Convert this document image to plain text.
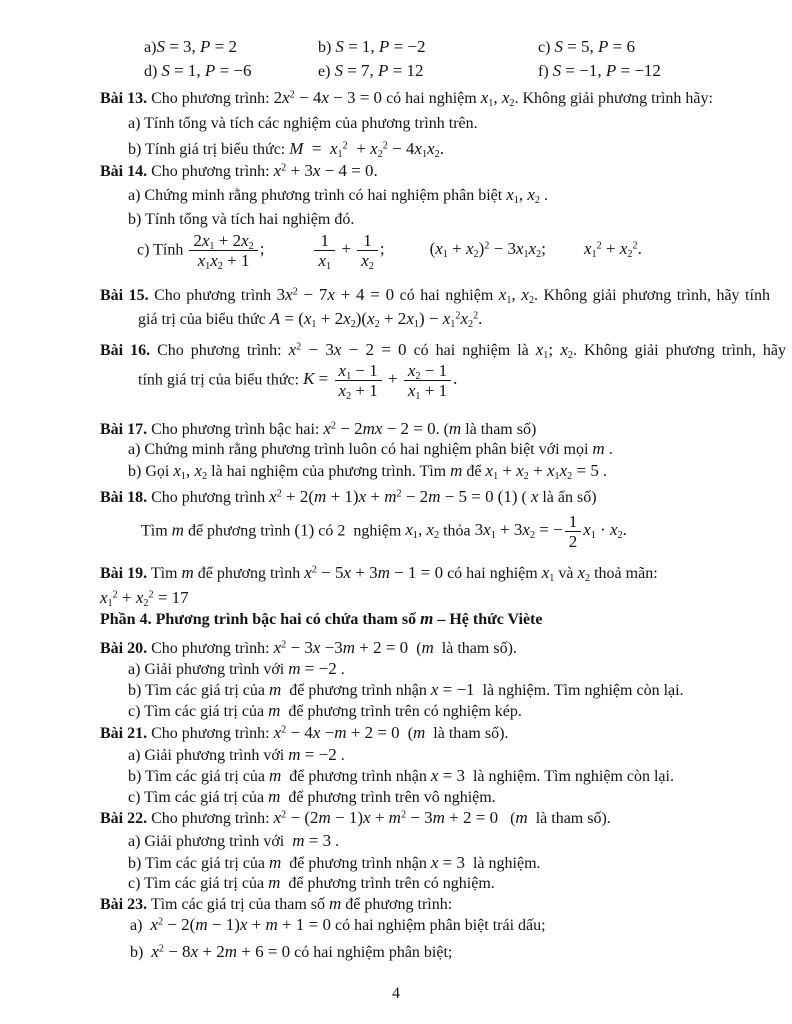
4
a)S = 3, P = 2	b) S = 1, P = −2	c) S = 5, P = 6
d) S = 1, P = −6	e) S = 7, P = 12	f) S = −1, P = −12
Bài 13. Cho phương trình: $2x^2 - 4x - 3 = 0$ có hai nghiệm $x_1$, $x_2$. Không giải phương trình hãy:
a) Tính tổng và tích các nghiệm của phương trình trên.
b) Tính giá trị biểu thức: $M = x_1^2 + x_2^2 - 4x_1x_2$.
Bài 14. Cho phương trình: $x^2 + 3x - 4 = 0$.
a) Chứng minh rằng phương trình có hai nghiệm phân biệt $x_1$, $x_2$ .
b) Tính tổng và tích hai nghiệm đó.
c) Tính $\frac{2x_1 + 2x_2}{x_1x_2 + 1}$ ;	$\frac{1}{x_1} + \frac{1}{x_2}$ ;	$(x_1 + x_2)^2 - 3x_1x_2$; $x_1^2 + x_2^2$.
Bài 15. Cho phương trình $3x^2 - 7x + 4 = 0$ có hai nghiệm $x_1$, $x_2$. Không giải phương trình, hãy tính
giá trị của biểu thức $A = (x_1 + 2x_2)(x_2 + 2x_1) - x_1^2x_2^2$.
Bài 16. Cho phương trình: $x^2 - 3x - 2 = 0$ có hai nghiệm là $x_1$; $x_2$. Không giải phương trình, hãy
tính giá trị của biểu thức: $K = \frac{x_1 - 1}{x_2 + 1} + \frac{x_2 - 1}{x_1 + 1}$ .
Bài 17. Cho phương trình bậc hai: $x^2 - 2mx - 2 = 0$. (m là tham số)
a) Chứng minh rằng phương trình luôn có hai nghiệm phân biệt với mọi m .
b) Gọi $x_1$, $x_2$ là hai nghiệm của phương trình. Tìm m để $x_1 + x_2 + x_1x_2 = 5$ .
Bài 18. Cho phương trình $x^2 + 2(m + 1)x + m^2 - 2m - 5 = 0$ (1) ( x là ẩn số)
Tìm m để phương trình (1) có 2  nghiệm $x_1$, $x_2$ thỏa $3x_1 + 3x_2$ = − $\frac{1}{2} x_1 \cdot x_2$.
Bài 19. Tìm m để phương trình $x^2 - 5x + 3m - 1 = 0$ có hai nghiệm $x_1$ và $x_2$ thoả mãn:
$x_1^2 + x_2^2 = 17$
Phần 4. Phương trình bậc hai có chứa tham số m – Hệ thức Viète
Bài 20. Cho phương trình: $x^2 - 3x -3m + 2 = 0$  (m  là tham số).
a) Giải phương trình với m = −2 .
b) Tìm các giá trị của m  để phương trình nhận x = −1  là nghiệm. Tìm nghiệm còn lại.
c) Tìm các giá trị của m  để phương trình trên có nghiệm kép.
Bài 21. Cho phương trình: $x^2 - 4x -m + 2 = 0$  (m  là tham số).
a) Giải phương trình với m = −2 .
b) Tìm các giá trị của m  để phương trình nhận x = 3  là nghiệm. Tìm nghiệm còn lại.
c) Tìm các giá trị của m  để phương trình trên vô nghiệm.
Bài 22. Cho phương trình: $x^2 - (2m - 1)x + m^2 - 3m + 2 = 0$   (m  là tham số).
a) Giải phương trình với  m = 3 .
b) Tìm các giá trị của m  để phương trình nhận x = 3  là nghiệm.
c) Tìm các giá trị của m  để phương trình trên có nghiệm.
Bài 23. Tìm các giá trị của tham số m để phương trình:
a)  $x^2 - 2(m - 1)x + m + 1 = 0$ có hai nghiệm phân biệt trái dấu;
b)  $x^2 - 8x + 2m + 6 = 0$ có hai nghiệm phân biệt;
